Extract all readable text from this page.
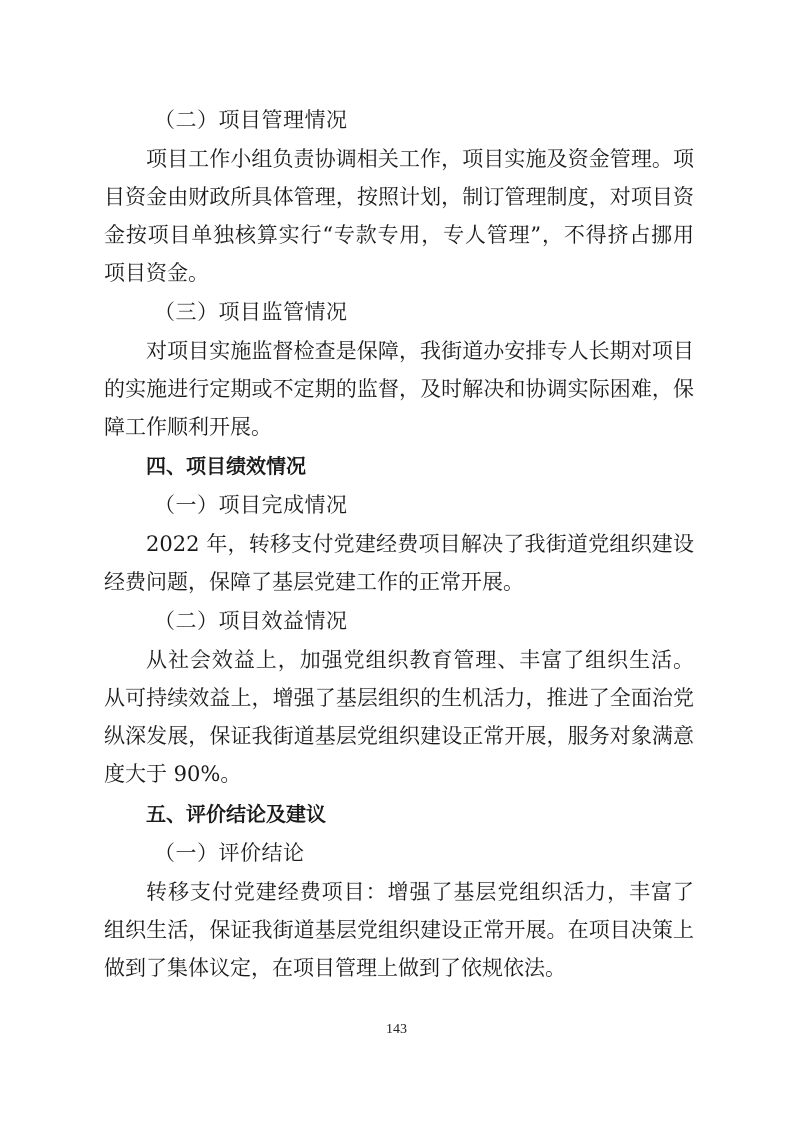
（二）项目管理情况
项目工作小组负责协调相关工作，项目实施及资金管理。项
目资金由财政所具体管理，按照计划，制订管理制度，对项目资
金按项目单独核算实行“专款专用，专人管理”，不得挤占挪用
项目资金。
（三）项目监管情况
对项目实施监督检查是保障，我街道办安排专人长期对项目
的实施进行定期或不定期的监督，及时解决和协调实际困难，保
障工作顺利开展。
四、项目绩效情况
（一）项目完成情况
2022 年，转移支付党建经费项目解决了我街道党组织建设
经费问题，保障了基层党建工作的正常开展。
（二）项目效益情况
从社会效益上，加强党组织教育管理、丰富了组织生活。
从可持续效益上，增强了基层组织的生机活力，推进了全面治党
纵深发展，保证我街道基层党组织建设正常开展，服务对象满意
度大于 90%。
五、评价结论及建议
（一）评价结论
转移支付党建经费项目：增强了基层党组织活力，丰富了
组织生活，保证我街道基层党组织建设正常开展。在项目决策上
做到了集体议定，在项目管理上做到了依规依法。
143
